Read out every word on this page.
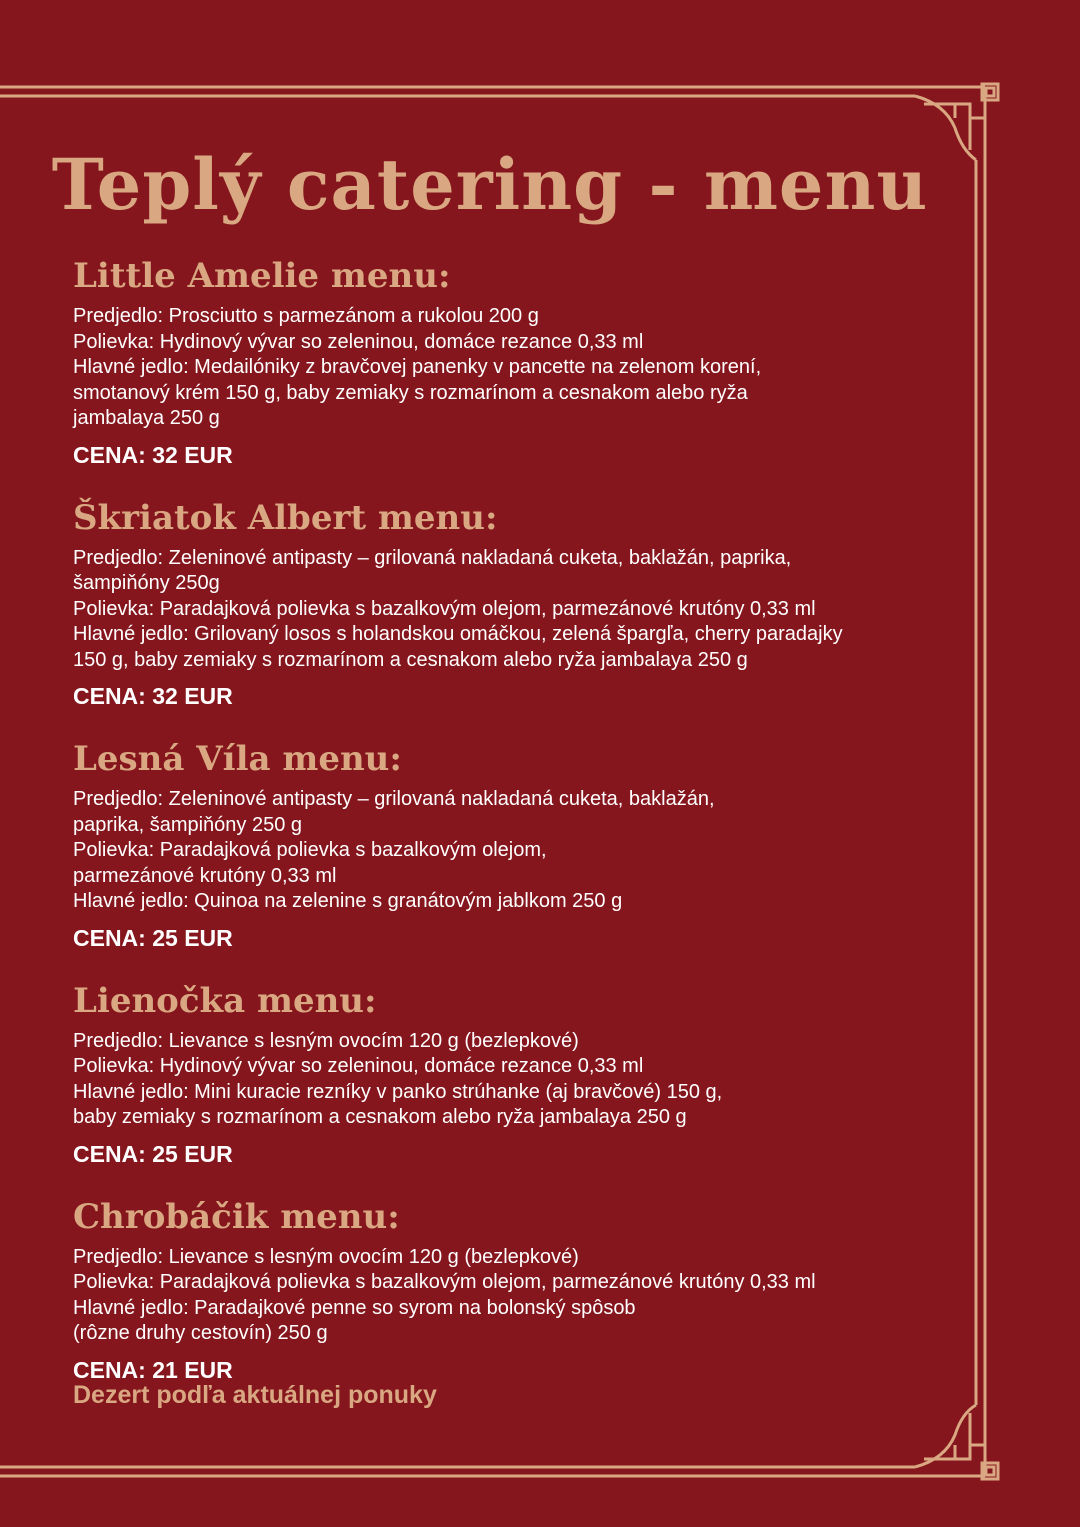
Teplý catering - menu
Little Amelie menu:
Predjedlo: Prosciutto s parmezánom a rukolou 200 g
Polievka: Hydinový vývar so zeleninou, domáce rezance 0,33 ml
Hlavné jedlo: Medailóniky z bravčovej panenky v pancette na zelenom korení,
smotanový krém 150 g, baby zemiaky s rozmarínom a cesnakom alebo ryža
jambalaya 250 g
CENA: 32 EUR
Škriatok Albert menu:
Predjedlo: Zeleninové antipasty – grilovaná nakladaná cuketa, baklažán, paprika,
šampiňóny 250g
Polievka: Paradajková polievka s bazalkovým olejom, parmezánové krutóny 0,33 ml
Hlavné jedlo: Grilovaný losos s holandskou omáčkou, zelená špargľa, cherry paradajky
150 g, baby zemiaky s rozmarínom a cesnakom alebo ryža jambalaya 250 g
CENA: 32 EUR
Lesná Víla menu:
Predjedlo: Zeleninové antipasty – grilovaná nakladaná cuketa, baklažán,
paprika, šampiňóny 250 g
Polievka: Paradajková polievka s bazalkovým olejom,
parmezánové krutóny 0,33 ml
Hlavné jedlo: Quinoa na zelenine s granátovým jablkom 250 g
CENA: 25 EUR
Lienočka menu:
Predjedlo: Lievance s lesným ovocím 120 g (bezlepkové)
Polievka: Hydinový vývar so zeleninou, domáce rezance 0,33 ml
Hlavné jedlo: Mini kuracie rezníky v panko strúhanke (aj bravčové) 150 g,
baby zemiaky s rozmarínom a cesnakom alebo ryža jambalaya 250 g
CENA: 25 EUR
Chrobáčik menu:
Predjedlo: Lievance s lesným ovocím 120 g (bezlepkové)
Polievka: Paradajková polievka s bazalkovým olejom, parmezánové krutóny 0,33 ml
Hlavné jedlo: Paradajkové penne so syrom na bolonský spôsob
(rôzne druhy cestovín) 250 g
CENA: 21 EUR

Dezert podľa aktuálnej ponuky
